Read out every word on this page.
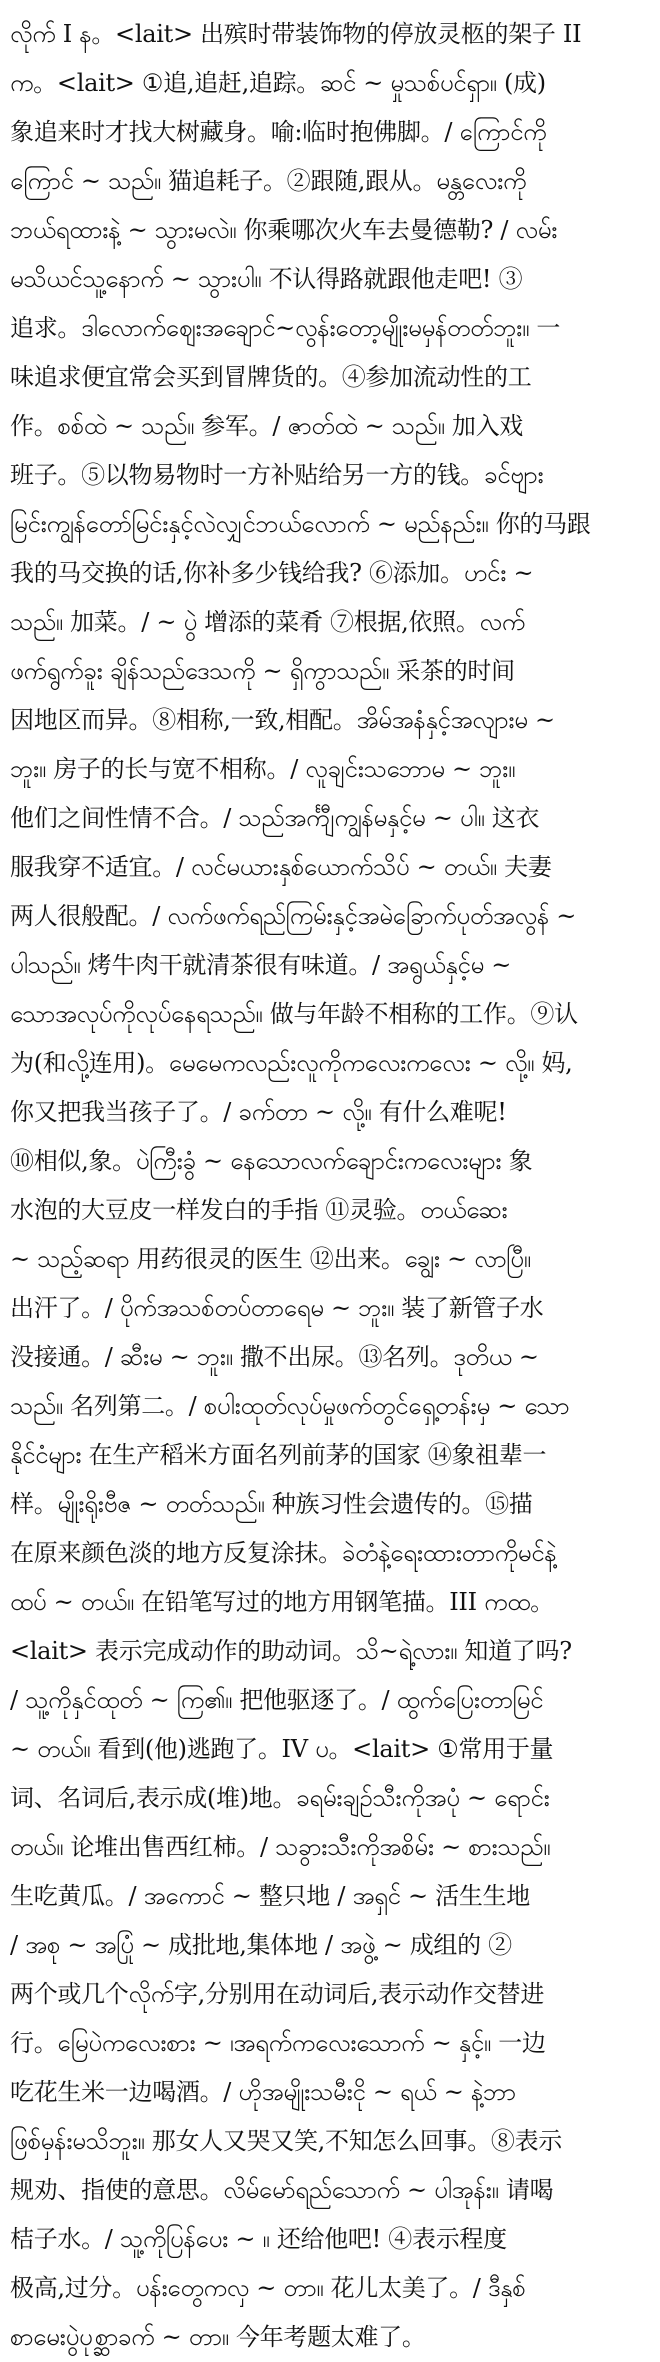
လိုက် I န。<lait> 出殡时带装饰物的停放灵柩的架子 II
က。<lait> ①追,追赶,追踪。ဆင် ~ မှုသစ်ပင်ရှာ။ (成)
象追来时才找大树藏身。喻:临时抱佛脚。/ ကြောင်ကို
ကြောင် ~ သည်။ 猫追耗子。②跟随,跟从。မန္တလေးကို
ဘယ်ရထားနဲ့ ~ သွားမလဲ။ 你乘哪次火车去曼德勒? / လမ်း
မသိယင်သူ့နောက် ~ သွားပါ။ 不认得路就跟他走吧! ③
追求。ဒါလောက်ဈေးအချောင်~လွန်းတော့မျိုးမမှန်တတ်ဘူး။ 一
味追求便宜常会买到冒牌货的。④参加流动性的工
作。စစ်ထဲ ~ သည်။ 参军。/ ဇာတ်ထဲ ~ သည်။ 加入戏
班子。⑤以物易物时一方补贴给另一方的钱。ခင်ဗျား
မြင်းကျွန်တော်မြင်းနှင့်လဲလျှင်ဘယ်လောက် ~ မည်နည်း။ 你的马跟
我的马交换的话,你补多少钱给我? ⑥添加。ဟင်း ~
သည်။ 加菜。/ ~ ပွဲ 增添的菜肴 ⑦根据,依照。လက်
ဖက်ရွက်ခူး ချိန်သည်ဒေသကို ~ ရှိကွာသည်။ 采茶的时间
因地区而异。⑧相称,一致,相配。အိမ်အနံနှင့်အလျားမ ~
ဘူး။ 房子的长与宽不相称。/ လူချင်းသဘောမ ~ ဘူး။
他们之间性情不合。/ သည်အင်္ကျီကျွန်မနှင့်မ ~ ပါ။ 这衣
服我穿不适宜。/ လင်မယားနှစ်ယောက်သိပ် ~ တယ်။ 夫妻
两人很般配。/ လက်ဖက်ရည်ကြမ်းနှင့်အမဲခြောက်ပုတ်အလွန် ~
ပါသည်။ 烤牛肉干就清茶很有味道。/ အရွယ်နှင့်မ ~
သောအလုပ်ကိုလုပ်နေရသည်။ 做与年龄不相称的工作。⑨认
为(和လို့连用)。မေမေကလည်းလူကိုကလေးကလေး ~ လို့။ 妈,
你又把我当孩子了。/ ခက်တာ ~ လို့။ 有什么难呢!
⑩相似,象。ပဲကြီးခွံ ~ နေသောလက်ချောင်းကလေးများ 象
水泡的大豆皮一样发白的手指 ⑪灵验。တယ်ဆေး
~ သည့်ဆရာ 用药很灵的医生 ⑫出来。ချွေး ~ လာပြီ။
出汗了。/ ပိုက်အသစ်တပ်တာရေမ ~ ဘူး။ 装了新管子水
没接通。/ ဆီးမ ~ ဘူး။ 撒不出尿。⑬名列。ဒုတိယ ~
သည်။ 名列第二。/ စပါးထုတ်လုပ်မှုဖက်တွင်ရှေ့တန်းမှ ~ သော
နိုင်ငံများ 在生产稻米方面名列前茅的国家 ⑭象祖辈一
样。မျိုးရိုးဗီဇ ~ တတ်သည်။ 种族习性会遗传的。⑮描
在原来颜色淡的地方反复涂抹。ခဲတံနဲ့ရေးထားတာကိုမင်နဲ့
ထပ် ~ တယ်။ 在铅笔写过的地方用钢笔描。III ကထ。
<lait> 表示完成动作的助动词。သိ~ရဲ့လား။ 知道了吗?
/ သူ့ကိုနှင်ထုတ် ~ ကြ၏။ 把他驱逐了。/ ထွက်ပြေးတာမြင်
~ တယ်။ 看到(他)逃跑了。IV ပ。<lait> ①常用于量
词、名词后,表示成(堆)地。ခရမ်းချဉ်သီးကိုအပုံ ~ ရောင်း
တယ်။ 论堆出售西红柿。/ သခွားသီးကိုအစိမ်း ~ စားသည်။
生吃黄瓜。/ အကောင် ~ 整只地 / အရှင် ~ 活生生地
/ အစု ~ အပြုံ ~ 成批地,集体地 / အဖွဲ့ ~ 成组的 ②
两个或几个လိုက်字,分别用在动词后,表示动作交替进
行。မြေပဲကလေးစား ~ ၊အရက်ကလေးသောက် ~ နှင့်။ 一边
吃花生米一边喝酒。/ ဟိုအမျိုးသမီးငို ~ ရယ် ~ နဲ့ဘာ
ဖြစ်မှန်းမသိဘူး။ 那女人又哭又笑,不知怎么回事。⑧表示
规劝、指使的意思。လိမ်မော်ရည်သောက် ~ ပါအုန်း။ 请喝
桔子水。/ သူ့ကိုပြန်ပေး ~ ။ 还给他吧! ④表示程度
极高,过分。ပန်းတွေကလှ ~ တာ။ 花儿太美了。/ ဒီနှစ်
စာမေးပွဲပုစ္ဆာခက် ~ တာ။ 今年考题太难了。
